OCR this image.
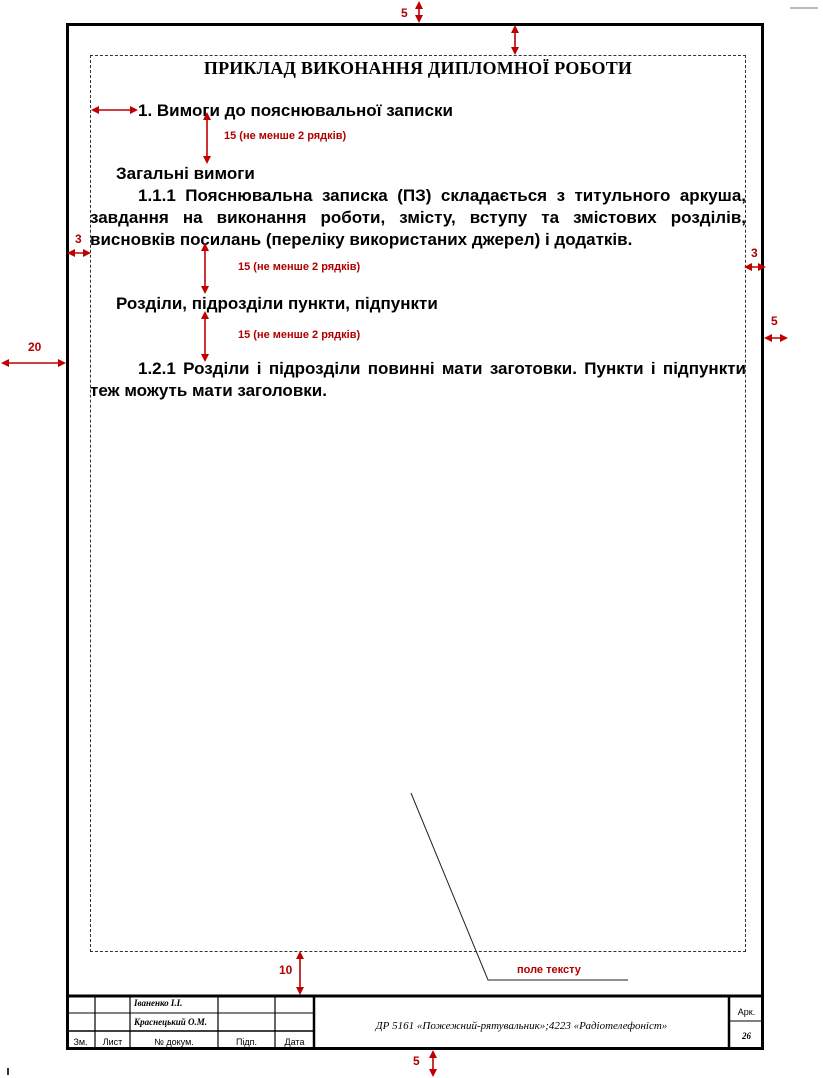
ПРИКЛАД ВИКОНАННЯ ДИПЛОМНОЇ РОБОТИ
1. Вимоги до пояснювальної записки
15 (не менше 2 рядків)
Загальні вимоги
1.1.1 Пояснювальна записка (ПЗ) складається з титульного аркуша, завдання на виконання роботи, змісту, вступу та змістових розділів, висновків посилань (переліку використаних джерел) і додатків.
15 (не менше 2 рядків)
Розділи, підрозділи пункти, підпункти
15 (не менше 2 рядків)
1.2.1 Розділи і підрозділи повинні мати заготовки. Пункти і підпункти теж можуть мати заголовки.
поле тексту
5
20
3
3
5
10
5
Іваненко І.І.
Краснецький О.М.
Зм.	Лист	№ докум.	Підп.	Дата
ДР 5161 «Пожежний-рятувальник»;4223 «Радіотелефоніст»
Арк.
26
